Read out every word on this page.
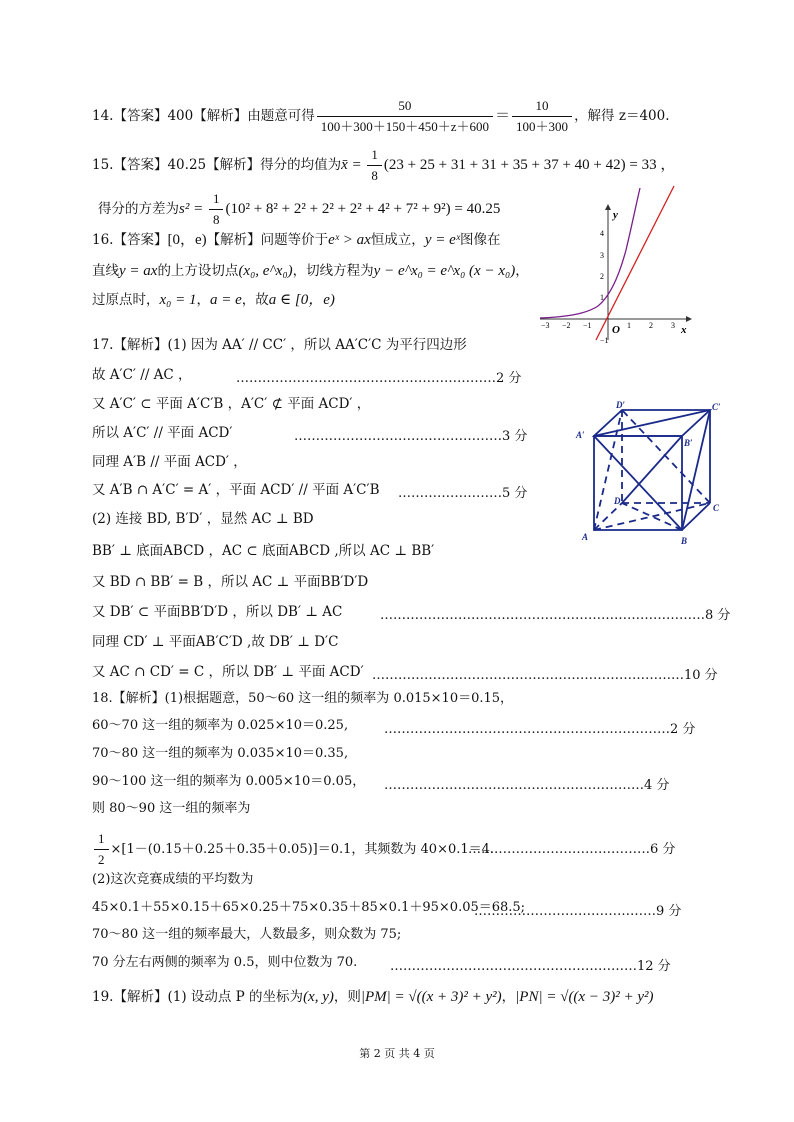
14.【答案】400【解析】由题意可得 $\frac{50}{100+300+150+450+z+600} = \frac{10}{100+300}$ ，解得 z＝400.
15.【答案】40.25【解析】得分的均值为x̄ = $\frac{1}{8} (23 + 25 + 31 + 31 + 35 + 37 + 40 + 42) = 33$ ，
得分的方差为$s^2 = \frac{1}{8} (10^2 + 8^2 + 2^2 + 2^2 + 2^2 + 4^2 + 7^2 + 9^2) = 40.25$
16.【答案】[0，e)【解析】问题等价于eˣ > ax恒成立，y = eˣ图像在
直线y = ax的上方设切点(x₀, e^x₀)，切线方程为y − e^x₀ = e^x₀ (x − x₀)，
过原点时，x₀ = 1，a = e，故a ∈ [0，e)
y
x
O
−3 −2 −1	1 2 3
4
3
2
1
−1
17.【解析】(1) 因为 AA′ // CC′ ，所以 AA′C′C 为平行四边形
故 A′C′ // AC ，	……………………………………………………2 分
又 A′C′ ⊂ 平面 A′C′B ，A′C′ ⊄ 平面 ACD′ ，
所以 A′C′ // 平面 ACD′	…………………………………………3 分
同理 A′B // 平面 ACD′ ，
又 A′B ∩ A′C′ = A′ ，平面 ACD′ // 平面 A′C′B ……………………5 分
(2) 连接 BD, B′D′ ，显然 AC ⊥ BD
BB′ ⊥ 底面ABCD ，AC ⊂ 底面ABCD ,所以 AC ⊥ BB′
又 BD ∩ BB′ = B ，所以 AC ⊥ 平面BB′D′D
又 DB′ ⊂ 平面BB′D′D ，所以 DB′ ⊥ AC	…………………………………………………………………8 分
同理 CD′ ⊥ 平面AB′C′D ,故 DB′ ⊥ D′C
又 AC ∩ CD′ = C ，所以 DB′ ⊥ 平面 ACD′ ………………………………………………………………10 分
D′	C′
A′
B′
D
C
A	B
18.【解析】(1)根据题意，50～60 这一组的频率为 0.015×10＝0.15，
60～70 这一组的频率为 0.025×10＝0.25,	…………………………………………………………2 分
70～80 这一组的频率为 0.035×10＝0.35,
90～100 这一组的频率为 0.005×10＝0.05， ……………………………………………………4 分
则 80～90 这一组的频率为
$\frac{1}{2} \times[1-(0.15+0.25+0.35+0.05)]=0.1$，其频数为 40×0.1＝4.
……………………………………6 分
(2)这次竞赛成绩的平均数为
45×0.1＋55×0.15＋65×0.25＋75×0.35＋85×0.1＋95×0.05＝68.5;
……………………………………9 分
70～80 这一组的频率最大，人数最多，则众数为 75;
70 分左右两侧的频率为 0.5，则中位数为 70.	…………………………………………………12 分
19.【解析】(1) 设动点 P 的坐标为(x, y)，则|PM| = √((x + 3)² + y²)，|PN| = √((x − 3)² + y²)
第 2 页 共 4 页
